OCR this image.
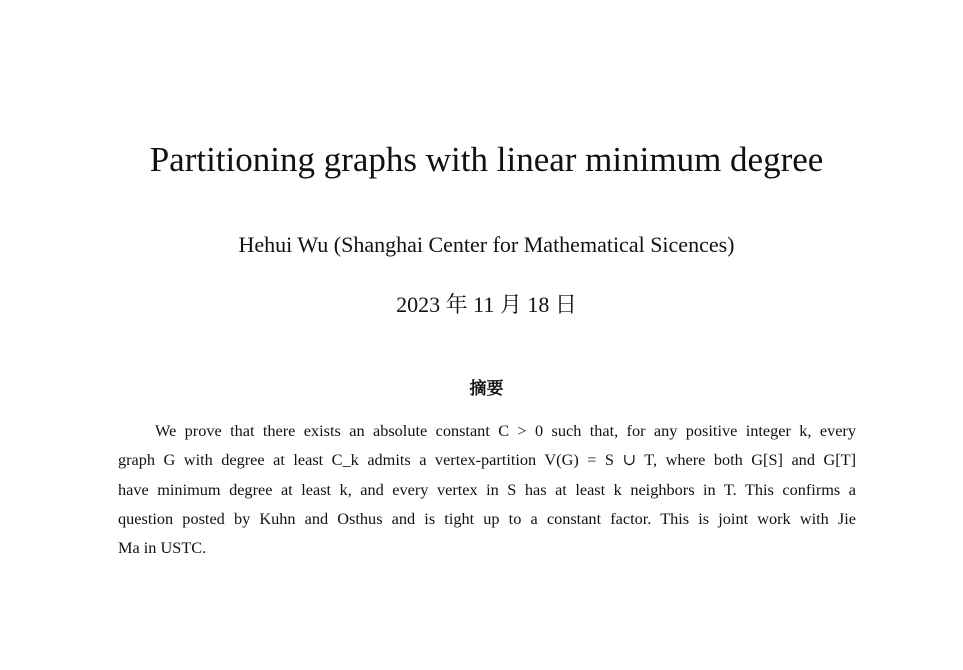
Partitioning graphs with linear minimum degree
Hehui Wu (Shanghai Center for Mathematical Sicences)
2023 年 11 月 18 日
摘要
We prove that there exists an absolute constant C > 0 such that, for any positive integer k, every
graph G with degree at least C_k admits a vertex-partition V(G) = S ∪ T, where both G[S] and G[T]
have minimum degree at least k, and every vertex in S has at least k neighbors in T. This confirms a
question posted by Kuhn and Osthus and is tight up to a constant factor. This is joint work with Jie
Ma in USTC.
